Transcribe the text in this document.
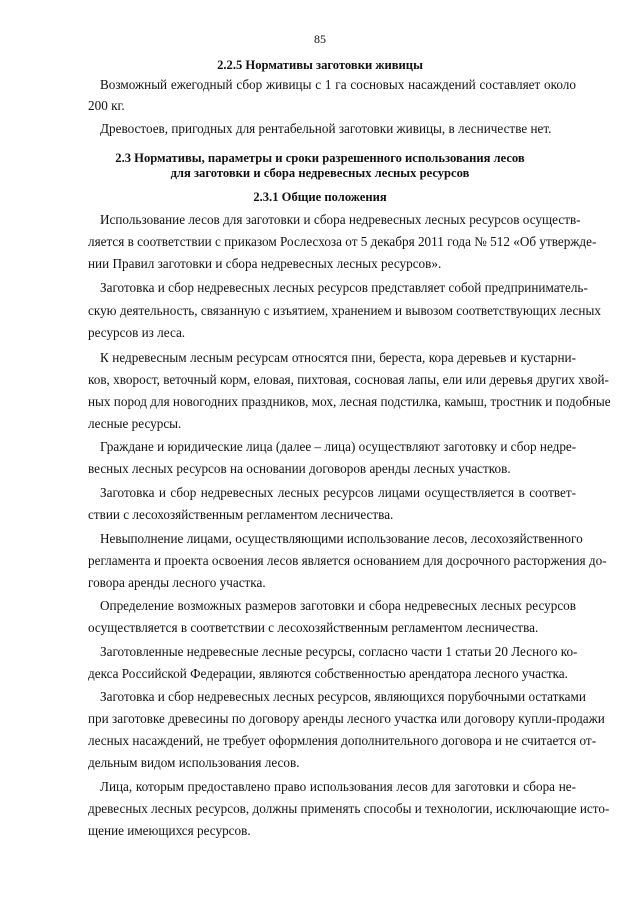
85
2.2.5 Нормативы заготовки живицы
Возможный ежегодный сбор живицы с 1 га сосновых насаждений составляет около
200 кг.
Древостоев, пригодных для рентабельной заготовки живицы, в лесничестве нет.
2.3 Нормативы, параметры и сроки разрешенного использования лесов
для заготовки и сбора недревесных лесных ресурсов
2.3.1 Общие положения
Использование лесов для заготовки и сбора недревесных лесных ресурсов осуществ-
ляется в соответствии с приказом Рослесхоза от 5 декабря 2011 года № 512 «Об утвержде-
нии Правил заготовки и сбора недревесных лесных ресурсов».
Заготовка и сбор недревесных лесных ресурсов представляет собой предприниматель-
скую деятельность, связанную с изъятием, хранением и вывозом соответствующих лесных
ресурсов из леса.
К недревесным лесным ресурсам относятся пни, береста, кора деревьев и кустарни-
ков, хворост, веточный корм, еловая, пихтовая, сосновая лапы, ели или деревья других хвой-
ных пород для новогодних праздников, мох, лесная подстилка, камыш, тростник и подобные
лесные ресурсы.
Граждане и юридические лица (далее – лица) осуществляют заготовку и сбор недре-
весных лесных ресурсов на основании договоров аренды лесных участков.
Заготовка и сбор недревесных лесных ресурсов лицами осуществляется в соответ-
ствии с лесохозяйственным регламентом лесничества.
Невыполнение лицами, осуществляющими использование лесов, лесохозяйственного
регламента и проекта освоения лесов является основанием для досрочного расторжения до-
говора аренды лесного участка.
Определение возможных размеров заготовки и сбора недревесных лесных ресурсов
осуществляется в соответствии с лесохозяйственным регламентом лесничества.
Заготовленные недревесные лесные ресурсы, согласно части 1 статьи 20 Лесного ко-
декса Российской Федерации, являются собственностью арендатора лесного участка.
Заготовка и сбор недревесных лесных ресурсов, являющихся порубочными остатками
при заготовке древесины по договору аренды лесного участка или договору купли-продажи
лесных насаждений, не требует оформления дополнительного договора и не считается от-
дельным видом использования лесов.
Лица, которым предоставлено право использования лесов для заготовки и сбора не-
древесных лесных ресурсов, должны применять способы и технологии, исключающие исто-
щение имеющихся ресурсов.
